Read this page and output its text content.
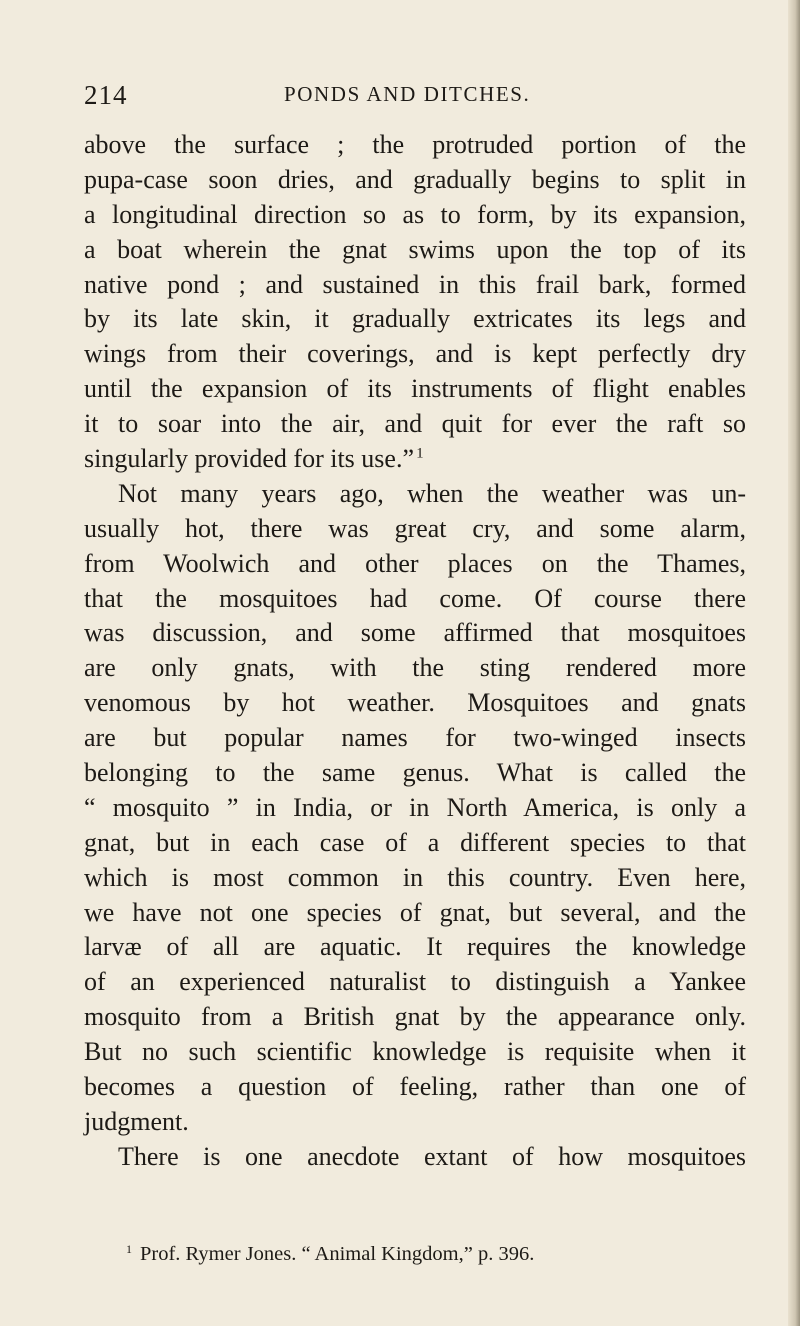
214	PONDS AND DITCHES.
above the surface ; the protruded portion of the
pupa-case soon dries, and gradually begins to split in
a longitudinal direction so as to form, by its expansion,
a boat wherein the gnat swims upon the top of its
native pond ; and sustained in this frail bark, formed
by its late skin, it gradually extricates its legs and
wings from their coverings, and is kept perfectly dry
until the expansion of its instruments of flight enables
it to soar into the air, and quit for ever the raft so
singularly provided for its use.”  $^1$
Not many years ago, when the weather was un-
usually hot, there was great cry, and some alarm,
from Woolwich and other places on the Thames,
that the mosquitoes had come. Of course there
was discussion, and some affirmed that mosquitoes
are only gnats, with the sting rendered more
venomous by hot weather. Mosquitoes and gnats
are but popular names for two-winged insects
belonging to the same genus. What is called the
“ mosquito ” in India, or in North America, is only a
gnat, but in each case of a different species to that
which is most common in this country. Even here,
we have not one species of gnat, but several, and the
larvæ of all are aquatic. It requires the knowledge
of an experienced naturalist to distinguish a Yankee
mosquito from a British gnat by the appearance only.
But no such scientific knowledge is requisite when it
becomes a question of feeling, rather than one of
judgment.
There is one anecdote extant of how mosquitoes
$^1$ Prof. Rymer Jones. “ Animal Kingdom,” p. 396.
